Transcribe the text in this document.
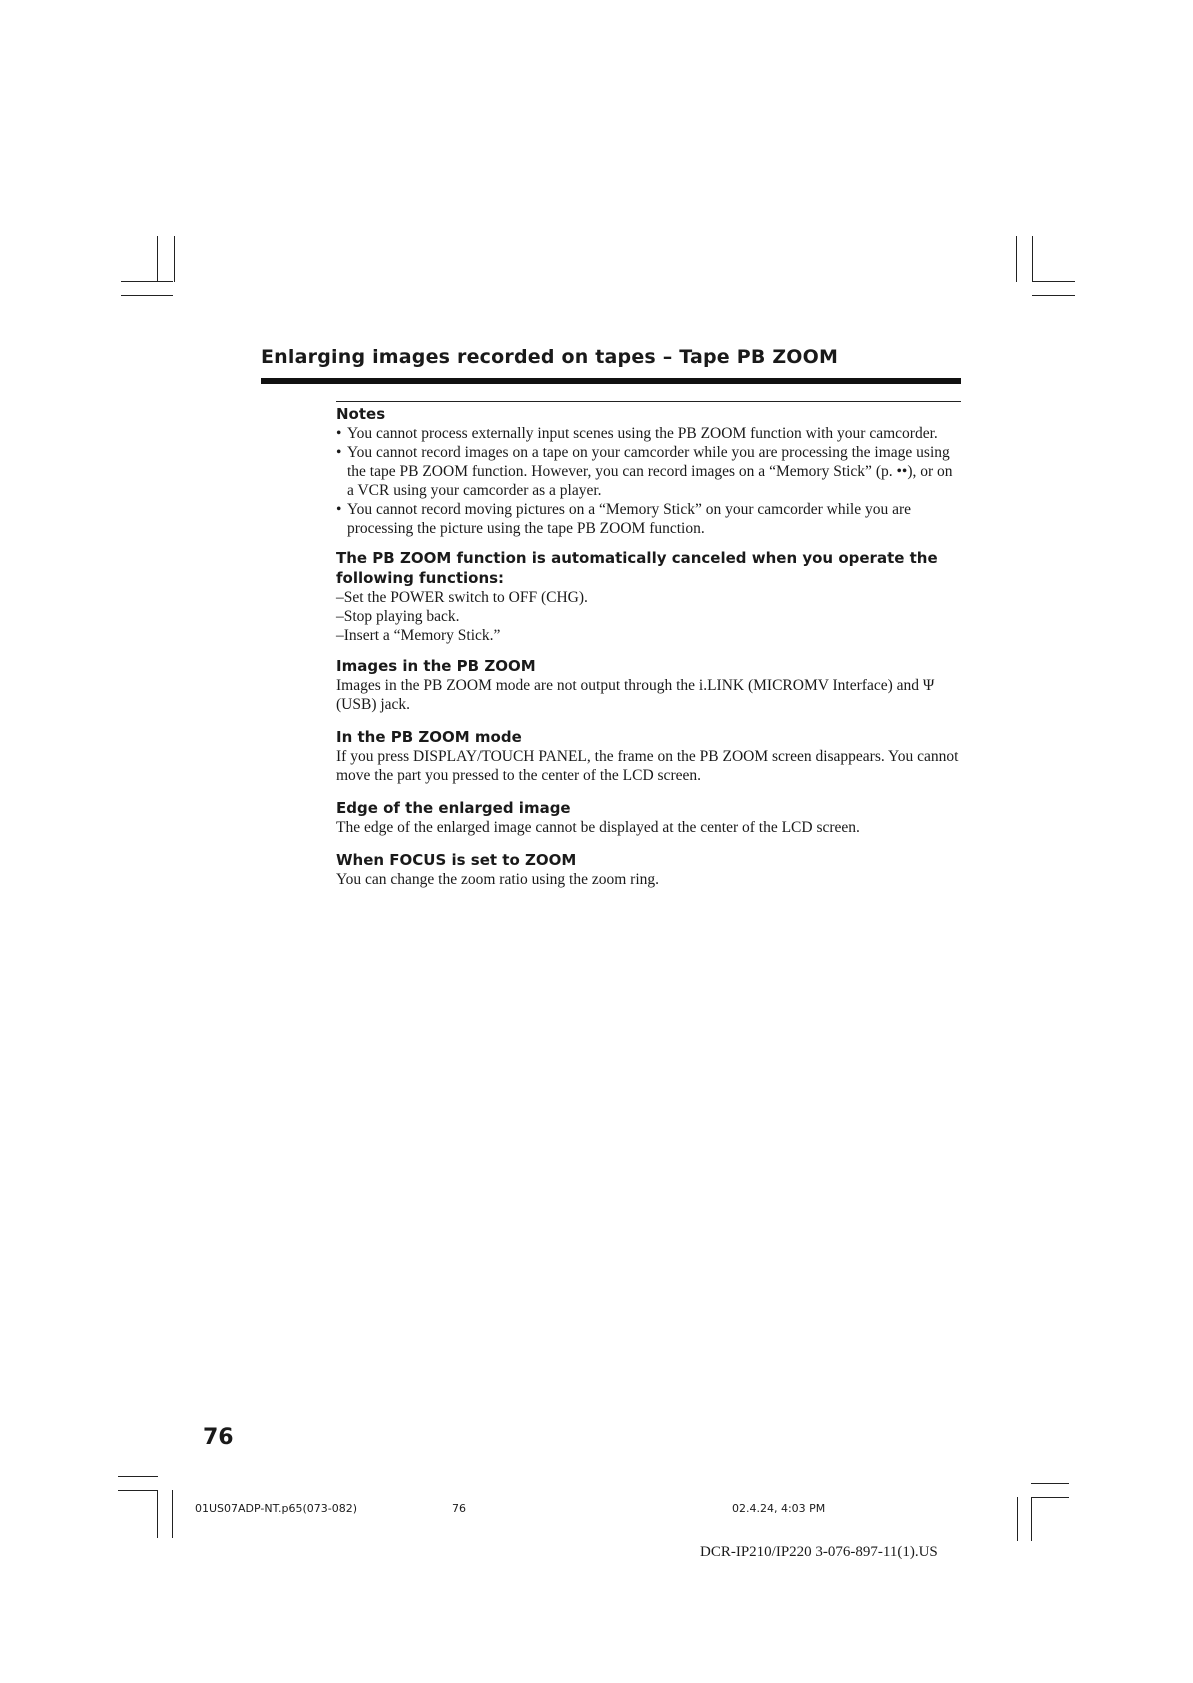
Enlarging images recorded on tapes – Tape PB ZOOM

Notes

• You cannot process externally input scenes using the PB ZOOM function with your camcorder.
• You cannot record images on a tape on your camcorder while you are processing the image using the tape PB ZOOM function. However, you can record images on a “Memory Stick” (p. ••), or on a VCR using your camcorder as a player.
• You cannot record moving pictures on a “Memory Stick” on your camcorder while you are processing the picture using the tape PB ZOOM function.

The PB ZOOM function is automatically canceled when you operate the following functions:

–Set the POWER switch to OFF (CHG).
–Stop playing back.
–Insert a “Memory Stick.”

Images in the PB ZOOM

Images in the PB ZOOM mode are not output through the i.LINK (MICROMV Interface) and Ψ (USB) jack.

In the PB ZOOM mode

If you press DISPLAY/TOUCH PANEL, the frame on the PB ZOOM screen disappears. You cannot move the part you pressed to the center of the LCD screen.

Edge of the enlarged image

The edge of the enlarged image cannot be displayed at the center of the LCD screen.

When FOCUS is set to ZOOM

You can change the zoom ratio using the zoom ring.

76
01US07ADP-NT.p65(073-082)	76	02.4.24, 4:03 PM
DCR-IP210/IP220 3-076-897-11(1).US
